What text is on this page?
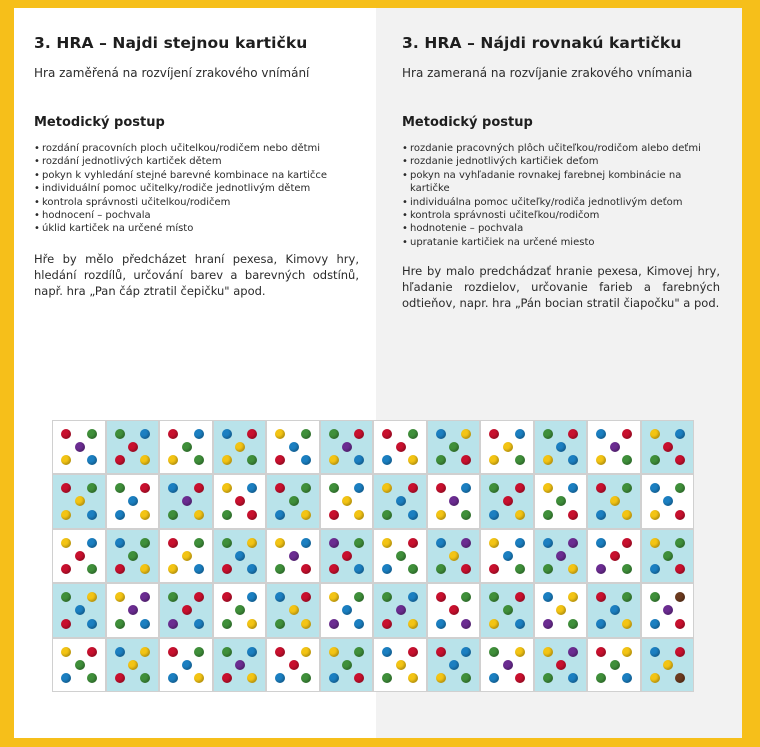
3. HRA – Najdi stejnou kartičku
Hra zaměřená na rozvíjení zrakového vnímání
Metodický postup
• rozdání pracovních ploch učitelkou/rodičem nebo dětmi
• rozdání jednotlivých kartiček dětem
• pokyn k vyhledání stejné barevné kombinace na kartičce
• individuální pomoc učitelky/rodiče jednotlivým dětem
• kontrola správnosti učitelkou/rodičem
• hodnocení – pochvala
• úklid kartiček na určené místo
Hře by mělo předcházet hraní pexesa, Kimovy hry, hledání rozdílů, určování barev a barevných odstínů, např. hra „Pan čáp ztratil čepičku" apod.
3. HRA – Nájdi rovnakú kartičku
Hra zameraná na rozvíjanie zrakového vnímania
Metodický postup
• rozdanie pracovných plôch učiteľkou/rodičom alebo deťmi
• rozdanie jednotlivých kartičiek deťom
• pokyn na vyhľadanie rovnakej farebnej kombinácie na kartičke
• individuálna pomoc učiteľky/rodiča jednotlivým deťom
• kontrola správnosti učiteľkou/rodičom
• hodnotenie – pochvala
• upratanie kartičiek na určené miesto
Hre by malo predchádzať hranie pexesa, Kimovej hry, hľadanie rozdielov, určovanie farieb a farebných odtieňov, napr. hra „Pán bocian stratil čiapočku" a pod.
